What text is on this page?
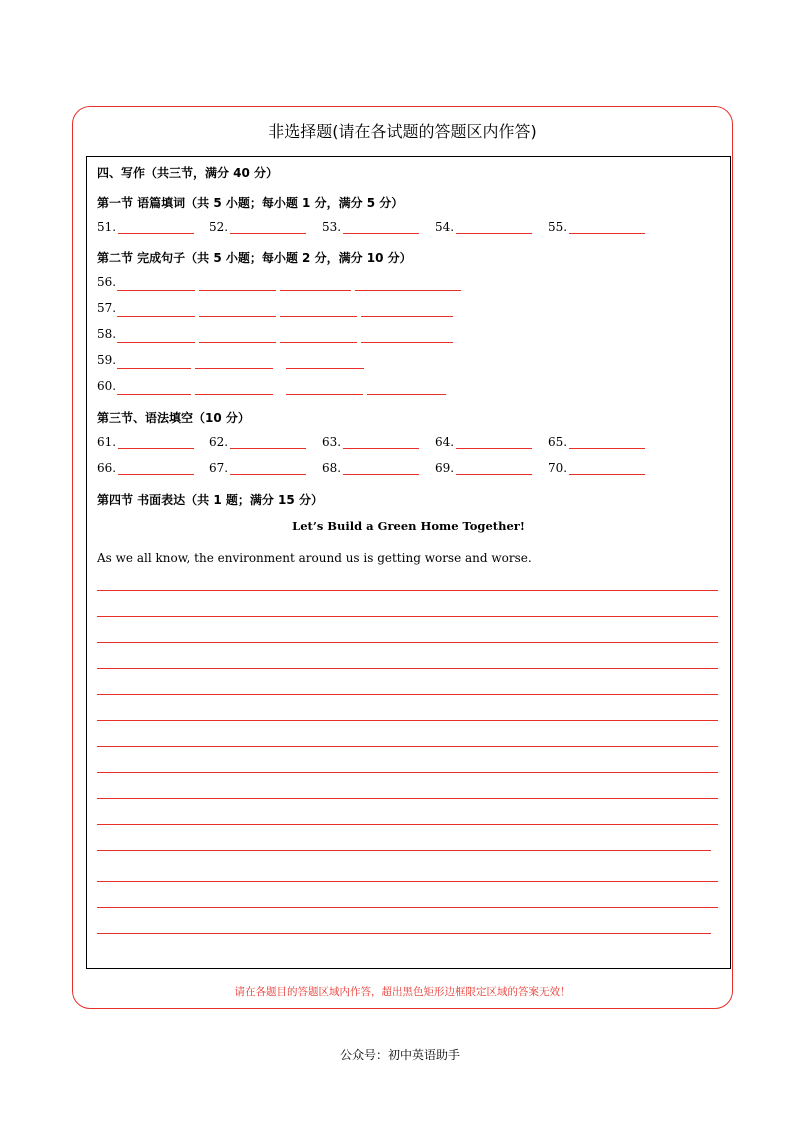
非选择题(请在各试题的答题区内作答)
四、写作（共三节，满分 40 分）
第一节 语篇填词（共 5 小题；每小题 1 分，满分 5 分）
51.	52.	53.	54.	55.
第二节 完成句子（共 5 小题；每小题 2 分，满分 10 分）
56.
57.
58.
59.
60.
第三节、语法填空（10 分）
61.	62.	63.	64.	65.
66.	67.	68.	69.	70.
第四节 书面表达（共 1 题；满分 15 分）
Let’s Build a Green Home Together!
As we all know, the environment around us is getting worse and worse.
请在各题目的答题区域内作答，超出黑色矩形边框限定区域的答案无效！
公众号：初中英语助手
